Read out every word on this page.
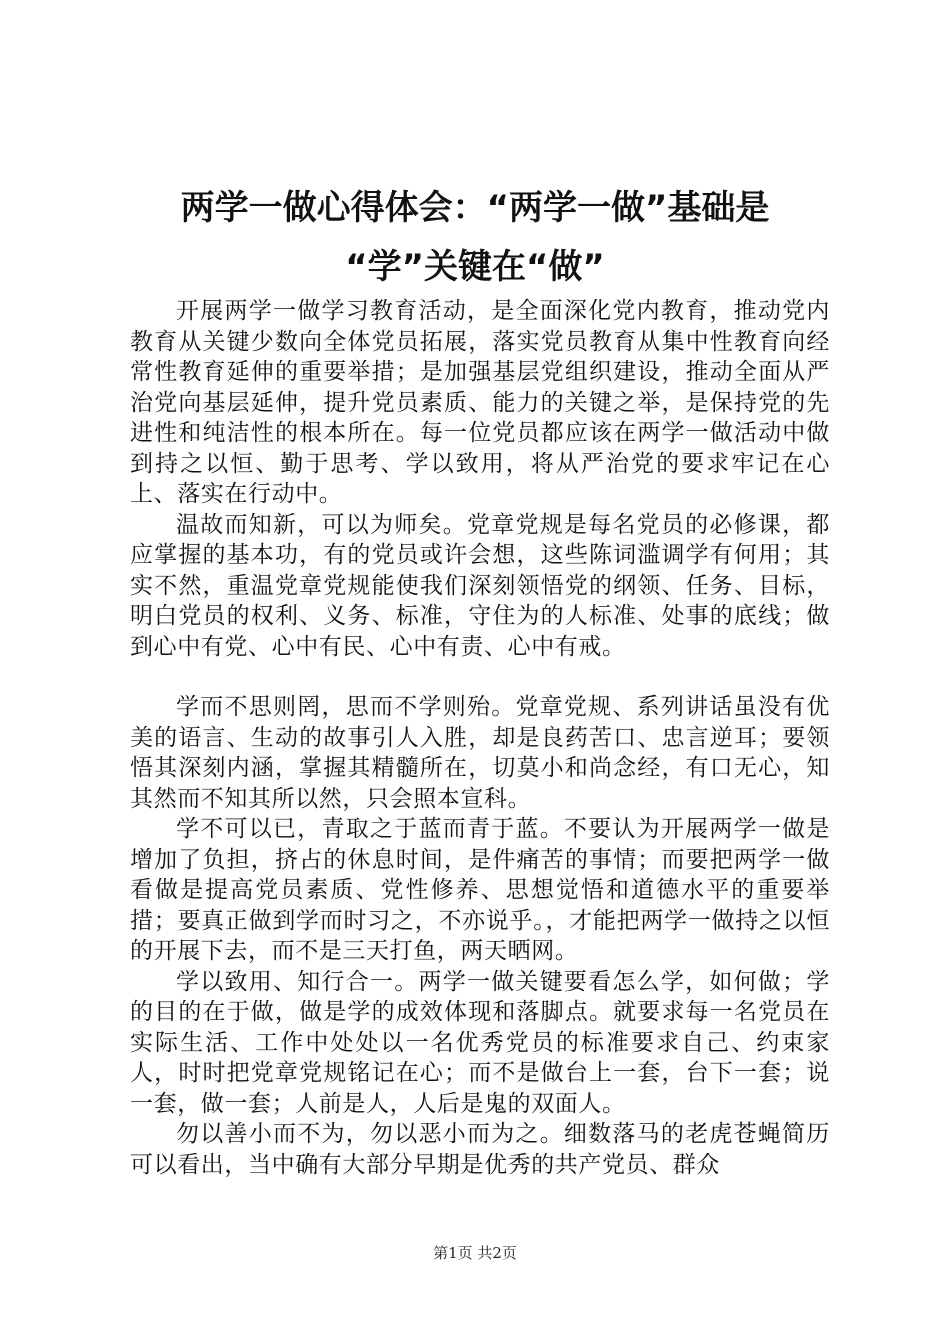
两学一做心得体会：“两学一做”基础是
“学”关键在“做”

开展两学一做学习教育活动，是全面深化党内教育，推动党内教育从关键少数向全体党员拓展，落实党员教育从集中性教育向经常性教育延伸的重要举措；是加强基层党组织建设，推动全面从严治党向基层延伸，提升党员素质、能力的关键之举，是保持党的先进性和纯洁性的根本所在。每一位党员都应该在两学一做活动中做到持之以恒、勤于思考、学以致用，将从严治党的要求牢记在心上、落实在行动中。

温故而知新，可以为师矣。党章党规是每名党员的必修课，都应掌握的基本功，有的党员或许会想，这些陈词滥调学有何用；其实不然，重温党章党规能使我们深刻领悟党的纲领、任务、目标，明白党员的权利、义务、标准，守住为的人标准、处事的底线；做到心中有党、心中有民、心中有责、心中有戒。

学而不思则罔，思而不学则殆。党章党规、系列讲话虽没有优美的语言、生动的故事引人入胜，却是良药苦口、忠言逆耳；要领悟其深刻内涵，掌握其精髓所在，切莫小和尚念经，有口无心，知其然而不知其所以然，只会照本宣科。

学不可以已，青取之于蓝而青于蓝。不要认为开展两学一做是增加了负担，挤占的休息时间，是件痛苦的事情；而要把两学一做看做是提高党员素质、党性修养、思想觉悟和道德水平的重要举措；要真正做到学而时习之，不亦说乎。，才能把两学一做持之以恒的开展下去，而不是三天打鱼，两天晒网。

学以致用、知行合一。两学一做关键要看怎么学，如何做；学的目的在于做，做是学的成效体现和落脚点。就要求每一名党员在实际生活、工作中处处以一名优秀党员的标准要求自己、约束家人，时时把党章党规铭记在心；而不是做台上一套，台下一套；说一套，做一套；人前是人，人后是鬼的双面人。

勿以善小而不为，勿以恶小而为之。细数落马的老虎苍蝇简历可以看出，当中确有大部分早期是优秀的共产党员、群众

第1页 共2页
